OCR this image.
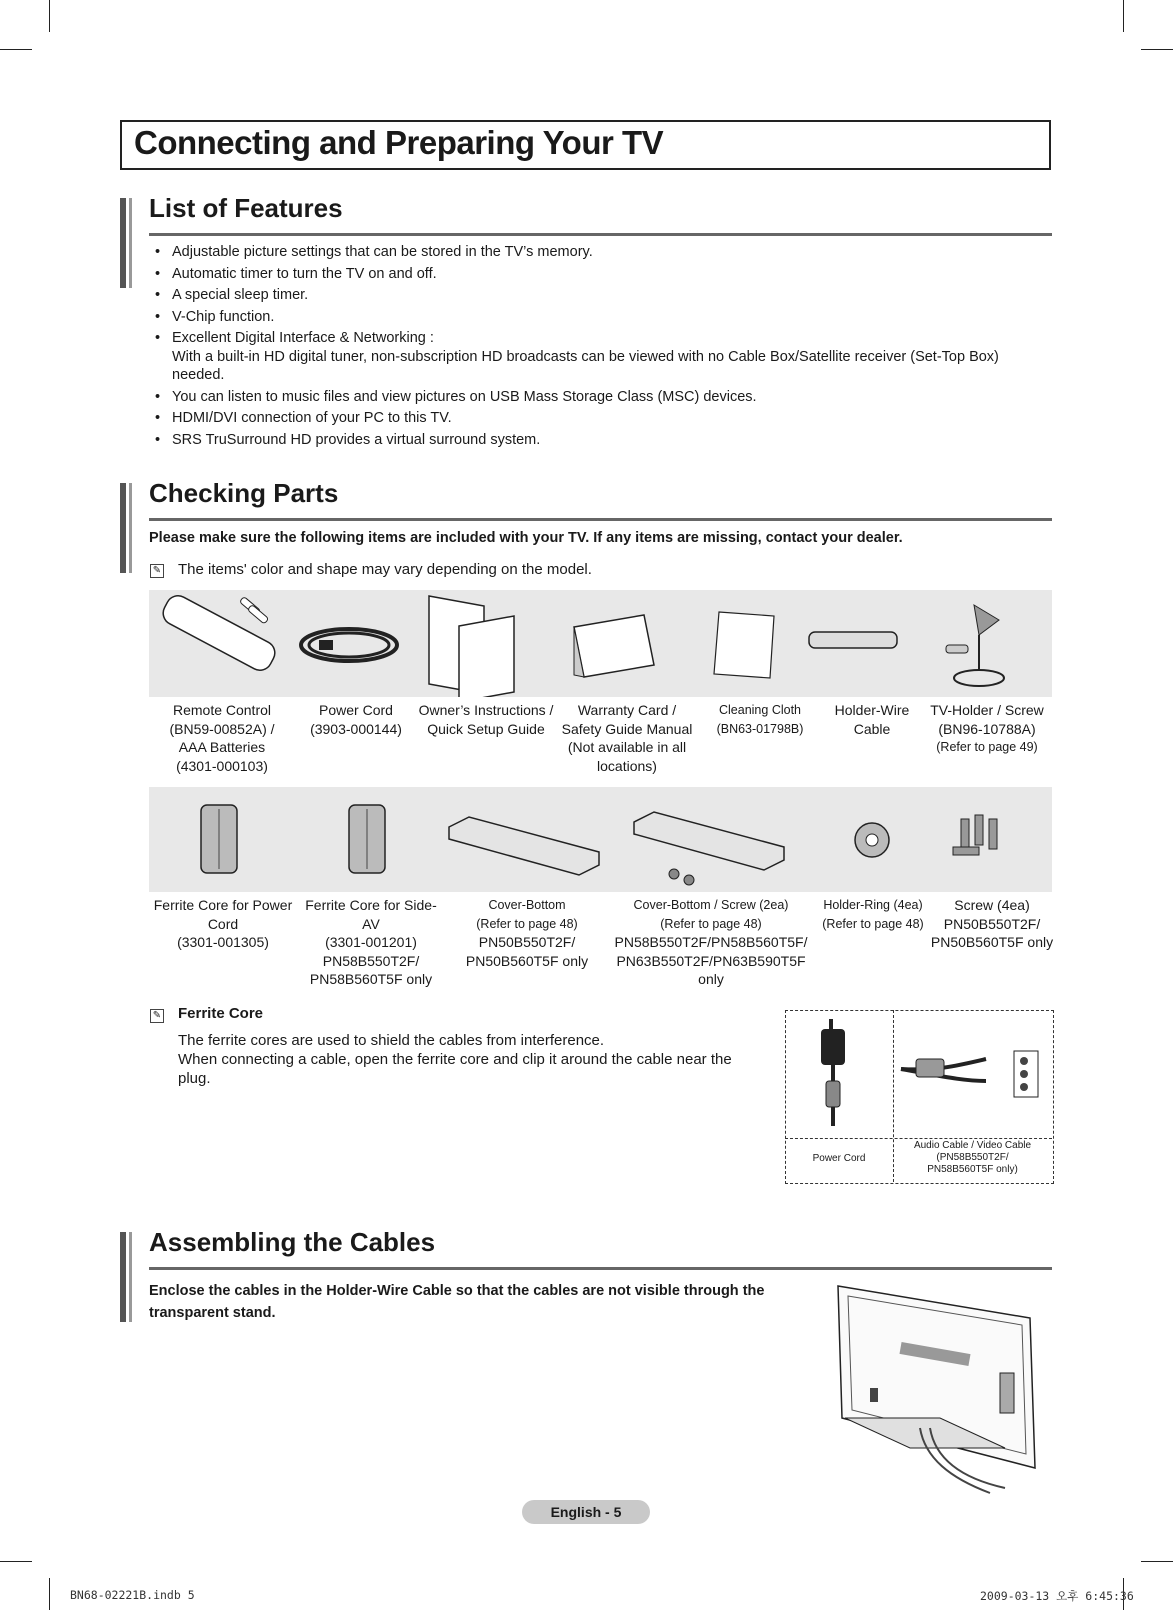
Connecting and Preparing Your TV
List of Features
• Adjustable picture settings that can be stored in the TV’s memory.
• Automatic timer to turn the TV on and off.
• A special sleep timer.
• V-Chip function.
• Excellent Digital Interface & Networking :
With a built-in HD digital tuner, non-subscription HD broadcasts can be viewed with no Cable Box/Satellite receiver (Set-Top Box) needed.
• You can listen to music files and view pictures on USB Mass Storage Class (MSC) devices.
• HDMI/DVI connection of your PC to this TV.
• SRS TruSurround HD provides a virtual surround system.
Checking Parts
Please make sure the following items are included with your TV. If any items are missing, contact your dealer.
✎ The items' color and shape may vary depending on the model.
Remote Control
(BN59-00852A) /
AAA Batteries
(4301-000103)
Power Cord
(3903-000144)
Owner’s Instructions /
Quick Setup Guide
Warranty Card /
Safety Guide Manual
(Not available in all
locations)
Cleaning Cloth
(BN63-01798B)
Holder-Wire
Cable
TV-Holder / Screw
(BN96-10788A)
(Refer to page 49)
Ferrite Core for Power
Cord
(3301-001305)
Ferrite Core for Side-
AV
(3301-001201)
PN58B550T2F/
PN58B560T5F only
Cover-Bottom
(Refer to page 48)
PN50B550T2F/
PN50B560T5F only
Cover-Bottom / Screw (2ea)
(Refer to page 48)
PN58B550T2F/PN58B560T5F/
PN63B550T2F/PN63B590T5F
only
Holder-Ring (4ea)
(Refer to page 48)
Screw (4ea)
PN50B550T2F/
PN50B560T5F only
✎ Ferrite Core
The ferrite cores are used to shield the cables from interference.
When connecting a cable, open the ferrite core and clip it around the cable near the plug.
Power Cord
Audio Cable / Video Cable
(PN58B550T2F/
PN58B560T5F only)
Assembling the Cables
Enclose the cables in the Holder-Wire Cable so that the cables are not visible through the transparent stand.
English - 5
BN68-02221B.indb 5	2009-03-13 오후 6:45:36
